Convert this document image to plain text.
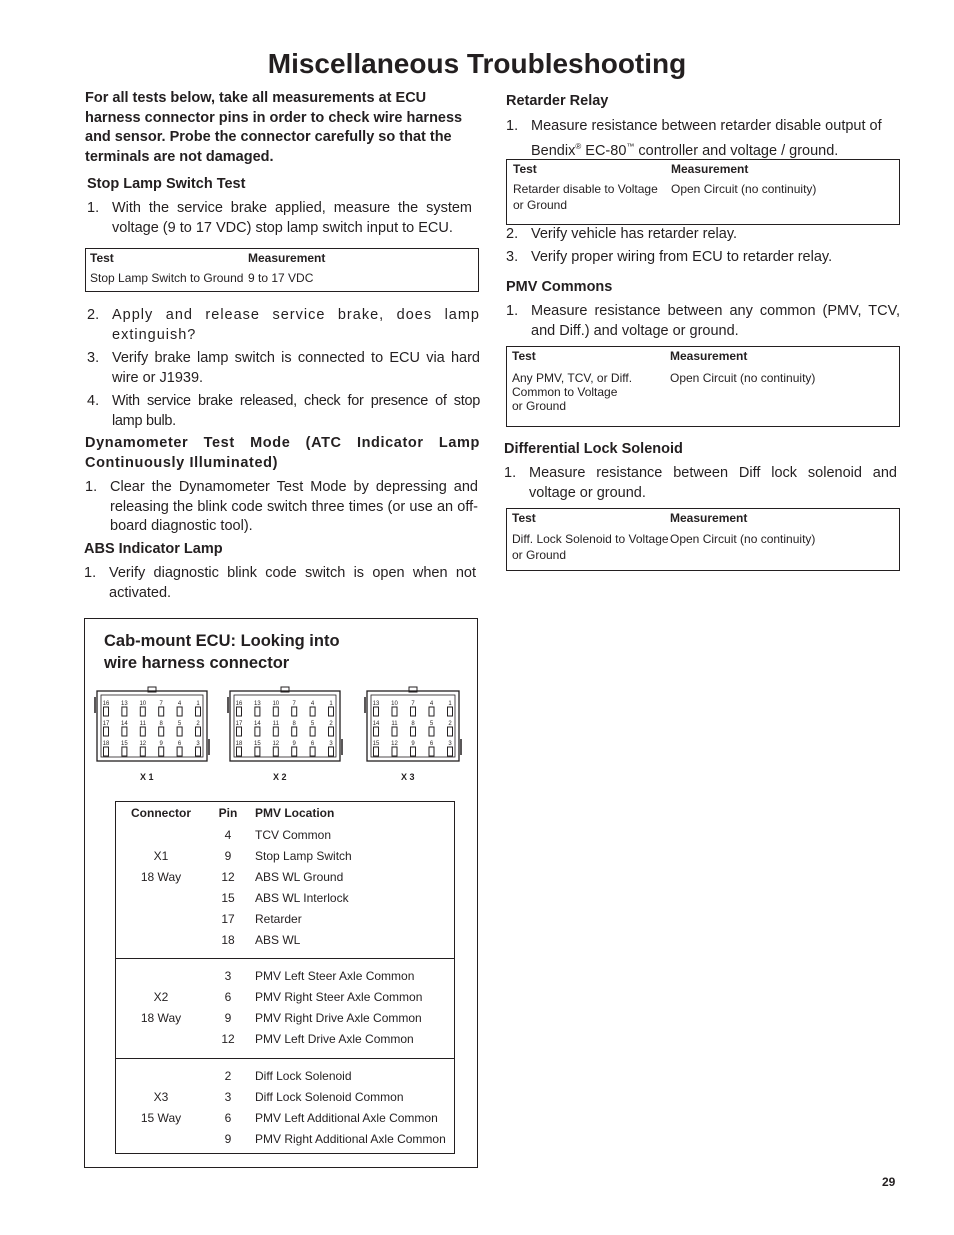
Miscellaneous Troubleshooting
For all tests below, take all measurements at ECU harness connector pins in order to check wire harness and sensor. Probe the connector carefully so that the terminals are not damaged.
Stop Lamp Switch Test
1. With the service brake applied, measure the system voltage (9 to 17 VDC) stop lamp switch input to ECU.
Test	Measurement
Stop Lamp Switch to Ground 9 to 17 VDC
2. Apply and release service brake, does lamp extinguish?
3. Verify brake lamp switch is connected to ECU via hard wire or J1939.
4. With service brake released, check for presence of stop lamp bulb.
Dynamometer Test Mode (ATC Indicator Lamp Continuously Illuminated)
1. Clear the Dynamometer Test Mode by depressing and releasing the blink code switch three times (or use an off-board diagnostic tool).
ABS Indicator Lamp
1. Verify diagnostic blink code switch is open when not activated.
Cab-mount ECU: Looking into
wire harness connector
16 13 10 7	4	1
17 14 11 8	5	2
18 15 12 9	6	3
X 1
16 13 10 7	4	1
17 14 11 8	5	2
18 15 12 9	6	3
X 2
13 10 7	4	1
14 11 8	5	2
15 12 9	6	3
X 3
Connector	Pin	PMV Location
X1
18 Way
4	TCV Common
9	Stop Lamp Switch
12	ABS WL Ground
15	ABS WL Interlock
17	Retarder
18	ABS WL
X2
18 Way
3	PMV Left Steer Axle Common
6	PMV Right Steer Axle Common
9	PMV Right Drive Axle Common
12	PMV Left Drive Axle Common
X3
15 Way
2	Diff Lock Solenoid
3	Diff Lock Solenoid Common
6	PMV Left Additional Axle Common
9	PMV Right Additional Axle Common
Retarder Relay
1. Measure resistance between retarder disable output of Bendix® EC-80™ controller and voltage / ground.
Test	Measurement
Retarder disable to Voltage
or Ground
Open Circuit (no continuity)
2. Verify vehicle has retarder relay.
3. Verify proper wiring from ECU to retarder relay.
PMV Commons
1. Measure resistance between any common (PMV, TCV, and Diff.) and voltage or ground.
Test	Measurement
Any PMV, TCV, or Diff.
Common to Voltage
or Ground
Open Circuit (no continuity)
Differential Lock Solenoid
1. Measure resistance between Diff lock solenoid and voltage or ground.
Test	Measurement
Diff. Lock Solenoid to Voltage
or Ground
Open Circuit (no continuity)
29
